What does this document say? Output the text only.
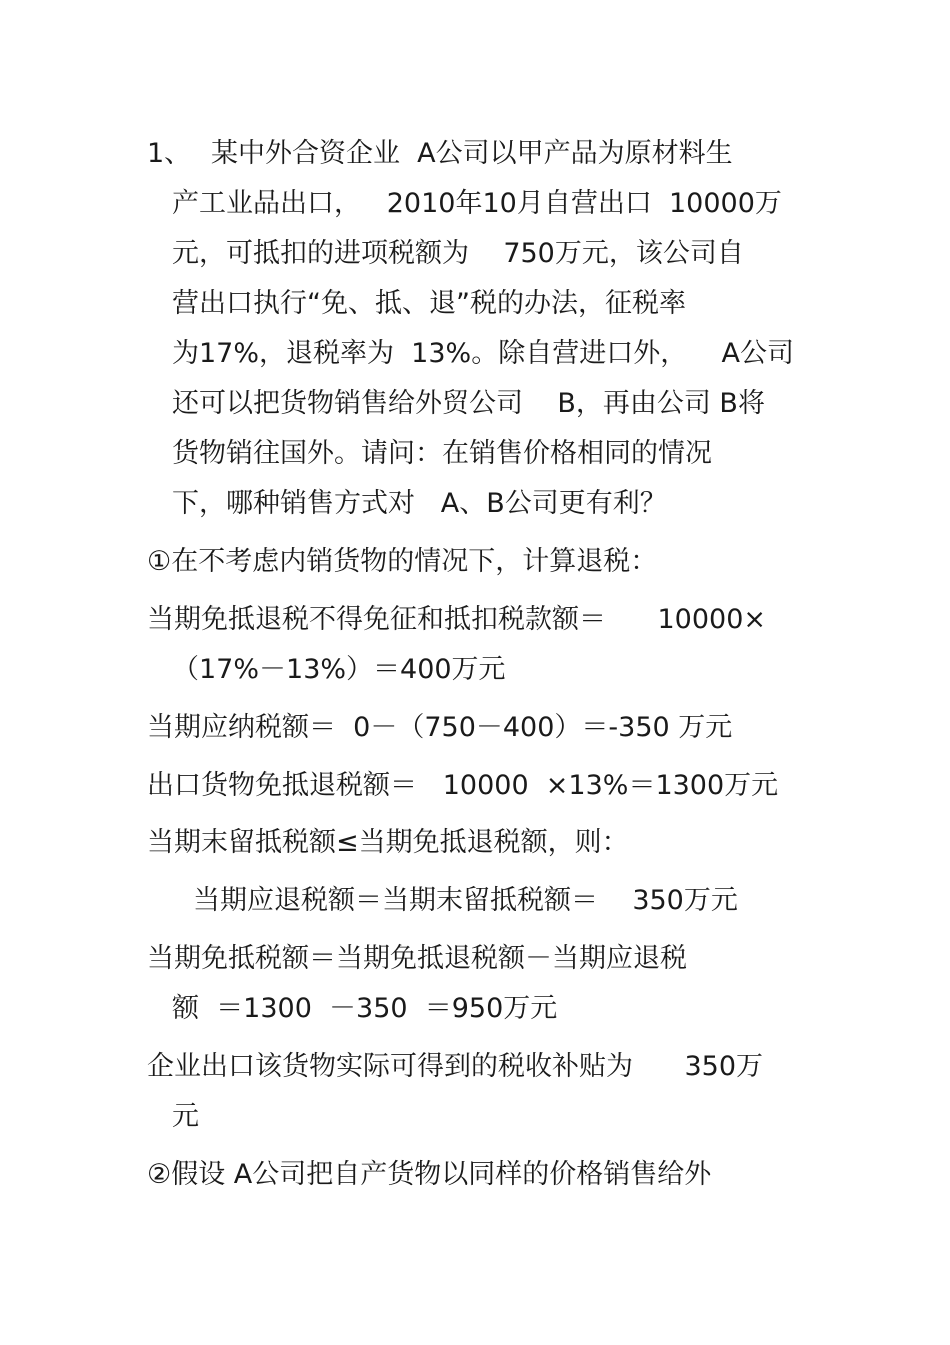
1、 某中外合资企业  A公司以甲产品为原材料生
产工业品出口，   2010年10月自营出口  10000万
元，可抵扣的进项税额为    750万元，该公司自
营出口执行“免、抵、退”税的办法，征税率
为17%，退税率为  13%。除自营进口外，    A公司
还可以把货物销售给外贸公司    B，再由公司 B将
货物销往国外。请问：在销售价格相同的情况
下，哪种销售方式对   A、B公司更有利？
①在不考虑内销货物的情况下，计算退税：
当期免抵退税不得免征和抵扣税款额＝      10000×
（17%－13%）＝400万元
当期应纳税额＝  0－（750－400）＝-350 万元
出口货物免抵退税额＝   10000  ×13%＝1300万元
当期末留抵税额≤当期免抵退税额，则：
当期应退税额＝当期末留抵税额＝    350万元
当期免抵税额＝当期免抵退税额－当期应退税
额  ＝1300  －350  ＝950万元
企业出口该货物实际可得到的税收补贴为      350万
元
②假设 A公司把自产货物以同样的价格销售给外
